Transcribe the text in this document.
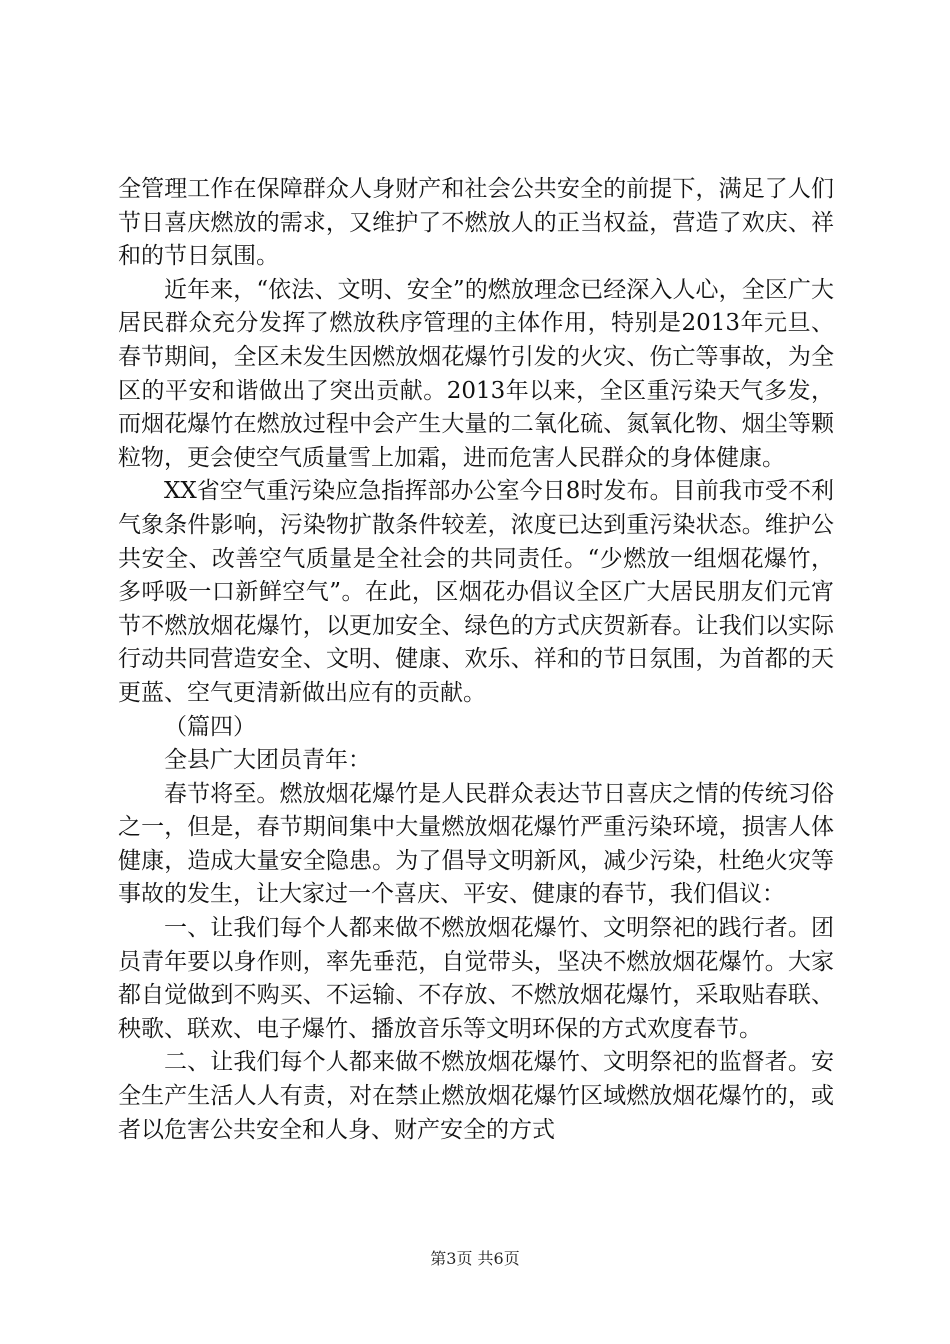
全管理工作在保障群众人身财产和社会公共安全的前提下，满足了人们节日喜庆燃放的需求，又维护了不燃放人的正当权益，营造了欢庆、祥和的节日氛围。

近年来，“依法、文明、安全”的燃放理念已经深入人心，全区广大居民群众充分发挥了燃放秩序管理的主体作用，特别是2013年元旦、春节期间，全区未发生因燃放烟花爆竹引发的火灾、伤亡等事故，为全区的平安和谐做出了突出贡献。2013年以来，全区重污染天气多发，而烟花爆竹在燃放过程中会产生大量的二氧化硫、氮氧化物、烟尘等颗粒物，更会使空气质量雪上加霜，进而危害人民群众的身体健康。

XX省空气重污染应急指挥部办公室今日8时发布。目前我市受不利气象条件影响，污染物扩散条件较差，浓度已达到重污染状态。维护公共安全、改善空气质量是全社会的共同责任。“少燃放一组烟花爆竹，多呼吸一口新鲜空气”。在此，区烟花办倡议全区广大居民朋友们元宵节不燃放烟花爆竹，以更加安全、绿色的方式庆贺新春。让我们以实际行动共同营造安全、文明、健康、欢乐、祥和的节日氛围，为首都的天更蓝、空气更清新做出应有的贡献。

（篇四）

全县广大团员青年：

春节将至。燃放烟花爆竹是人民群众表达节日喜庆之情的传统习俗之一，但是，春节期间集中大量燃放烟花爆竹严重污染环境，损害人体健康，造成大量安全隐患。为了倡导文明新风，减少污染，杜绝火灾等事故的发生，让大家过一个喜庆、平安、健康的春节，我们倡议：

一、让我们每个人都来做不燃放烟花爆竹、文明祭祀的践行者。团员青年要以身作则，率先垂范，自觉带头，坚决不燃放烟花爆竹。大家都自觉做到不购买、不运输、不存放、不燃放烟花爆竹，采取贴春联、秧歌、联欢、电子爆竹、播放音乐等文明环保的方式欢度春节。

二、让我们每个人都来做不燃放烟花爆竹、文明祭祀的监督者。安全生产生活人人有责，对在禁止燃放烟花爆竹区域燃放烟花爆竹的，或者以危害公共安全和人身、财产安全的方式

第3页 共6页
